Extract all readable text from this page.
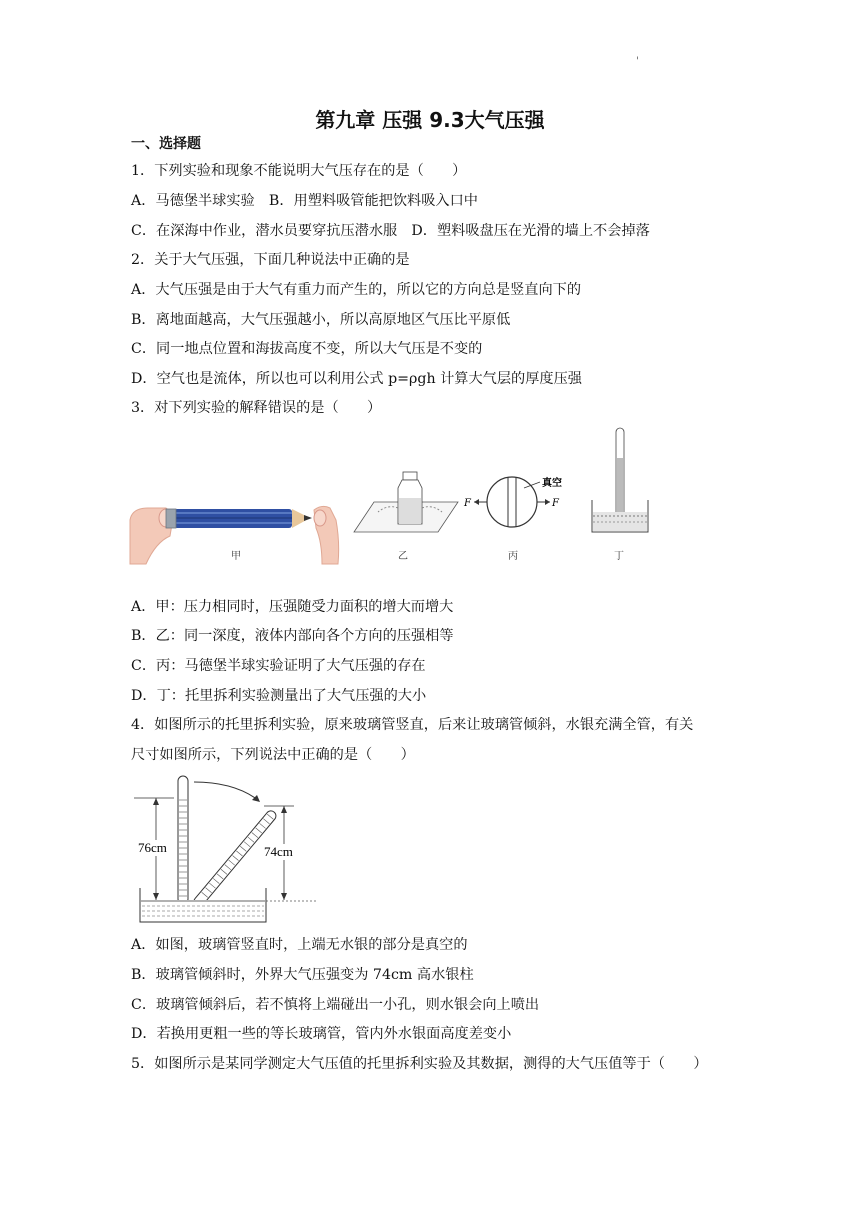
'
第九章 压强 9.3大气压强
一、选择题
1．下列实验和现象不能说明大气压存在的是（　　）
A．马德堡半球实验　B．用塑料吸管能把饮料吸入口中
C．在深海中作业，潜水员要穿抗压潜水服　D．塑料吸盘压在光滑的墙上不会掉落
2．关于大气压强，下面几种说法中正确的是
A．大气压强是由于大气有重力而产生的，所以它的方向总是竖直向下的
B．离地面越高，大气压强越小，所以高原地区气压比平原低
C．同一地点位置和海拔高度不变，所以大气压是不变的
D．空气也是流体，所以也可以利用公式 p=ρgh 计算大气层的厚度压强
3．对下列实验的解释错误的是（　　）
甲	乙
F	F
真空
丙	丁
A．甲：压力相同时，压强随受力面积的增大而增大
B．乙：同一深度，液体内部向各个方向的压强相等
C．丙：马德堡半球实验证明了大气压强的存在
D．丁：托里拆利实验测量出了大气压强的大小
4．如图所示的托里拆利实验，原来玻璃管竖直，后来让玻璃管倾斜，水银充满全管，有关
尺寸如图所示，下列说法中正确的是（　　）
76cm	74cm
A．如图，玻璃管竖直时，上端无水银的部分是真空的
B．玻璃管倾斜时，外界大气压强变为 74cm 高水银柱
C．玻璃管倾斜后，若不慎将上端碰出一小孔，则水银会向上喷出
D．若换用更粗一些的等长玻璃管，管内外水银面高度差变小
5．如图所示是某同学测定大气压值的托里拆利实验及其数据，测得的大气压值等于（　　）
